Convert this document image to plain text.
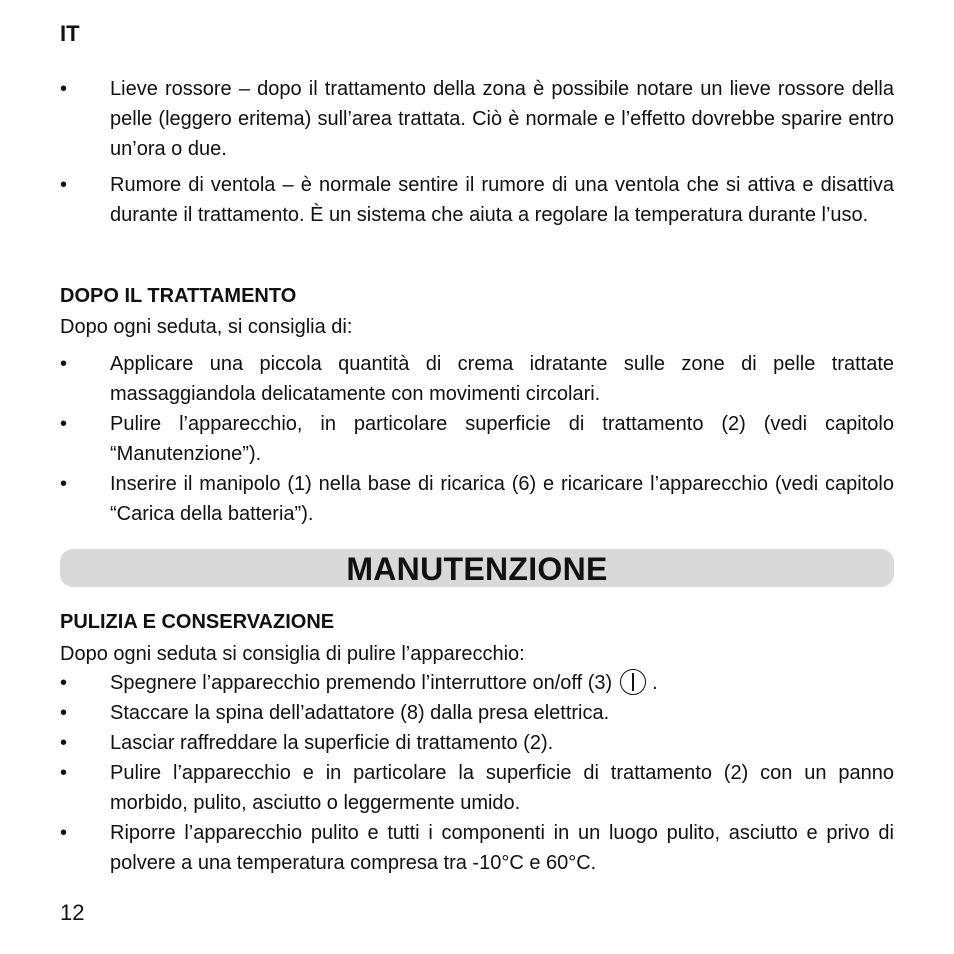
IT
• Lieve rossore – dopo il trattamento della zona è possibile notare un lieve rossore della pelle (leggero eritema) sull’area trattata. Ciò è normale e l’effetto dovrebbe sparire entro un’ora o due.
• Rumore di ventola – è normale sentire il rumore di una ventola che si attiva e disattiva durante il trattamento. È un sistema che aiuta a regolare la temperatura durante l’uso.
DOPO IL TRATTAMENTO
Dopo ogni seduta, si consiglia di:
• Applicare una piccola quantità di crema idratante sulle zone di pelle trattate massaggiandola delicatamente con movimenti circolari.
• Pulire l’apparecchio, in particolare superficie di trattamento (2) (vedi capitolo “Manutenzione”).
• Inserire il manipolo (1) nella base di ricarica (6) e ricaricare l’apparecchio (vedi capitolo “Carica della batteria”).
MANUTENZIONE
PULIZIA E CONSERVAZIONE
Dopo ogni seduta si consiglia di pulire l’apparecchio:
• Spegnere l’apparecchio premendo l’interruttore on/off (3) .
• Staccare la spina dell’adattatore (8) dalla presa elettrica.
• Lasciar raffreddare la superficie di trattamento (2).
• Pulire l’apparecchio e in particolare la superficie di trattamento (2) con un panno morbido, pulito, asciutto o leggermente umido.
• Riporre l’apparecchio pulito e tutti i componenti in un luogo pulito, asciutto e privo di polvere a una temperatura compresa tra -10°C e 60°C.
12
